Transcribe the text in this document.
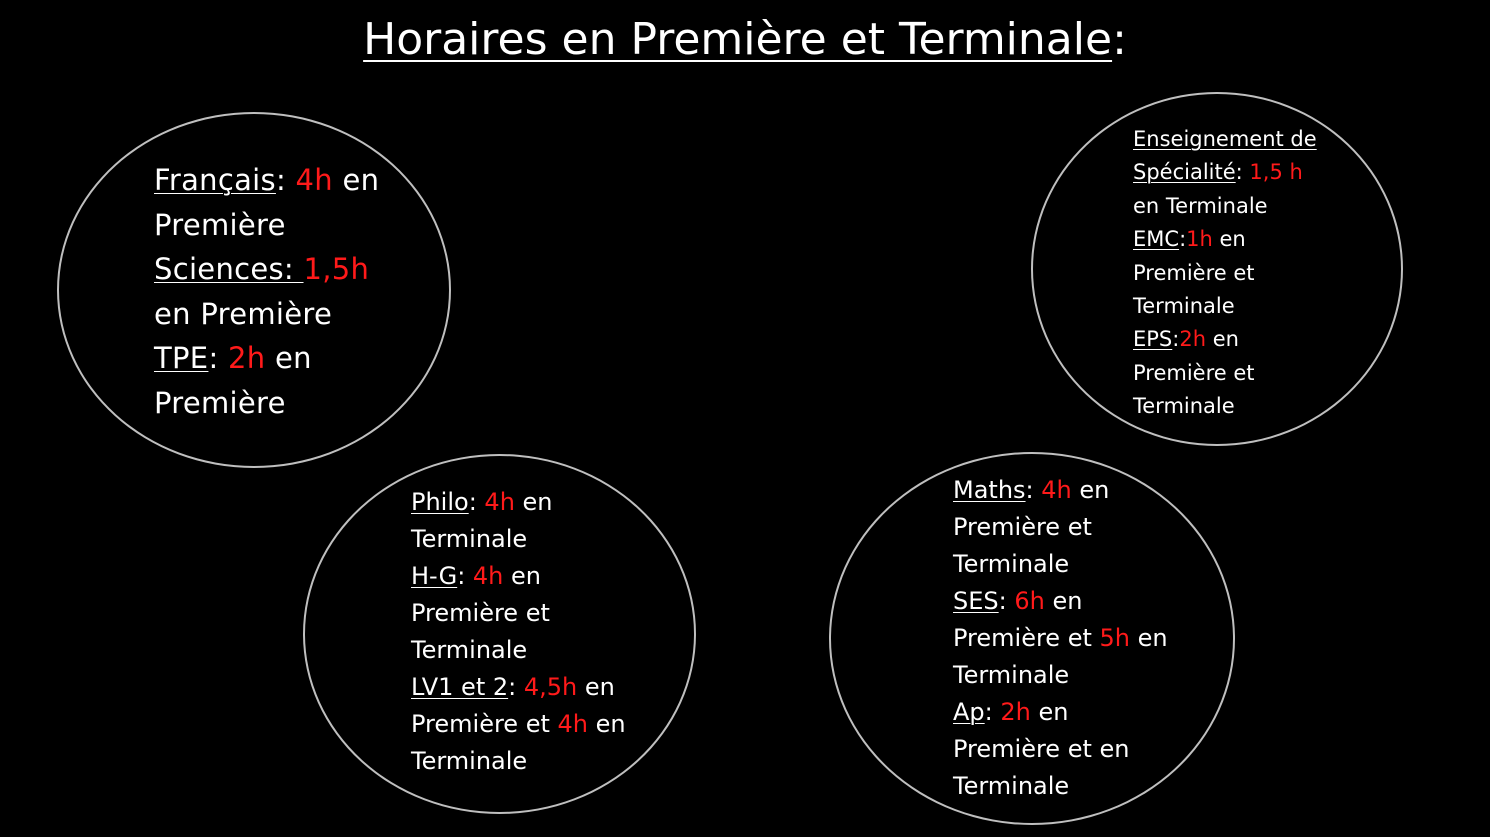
Horaires en Première et Terminale:
Français: 4h en
Première
Sciences: 1,5h
en Première
TPE: 2h en
Première
Enseignement de
Spécialité: 1,5 h
en Terminale
EMC:1h en
Première et
Terminale
EPS:2h en
Première et
Terminale
Philo: 4h en
Terminale
H-G: 4h en
Première et
Terminale
LV1 et 2: 4,5h en
Première et 4h en
Terminale
Maths: 4h en
Première et
Terminale
SES: 6h en
Première et 5h en
Terminale
Ap: 2h en
Première et en
Terminale
